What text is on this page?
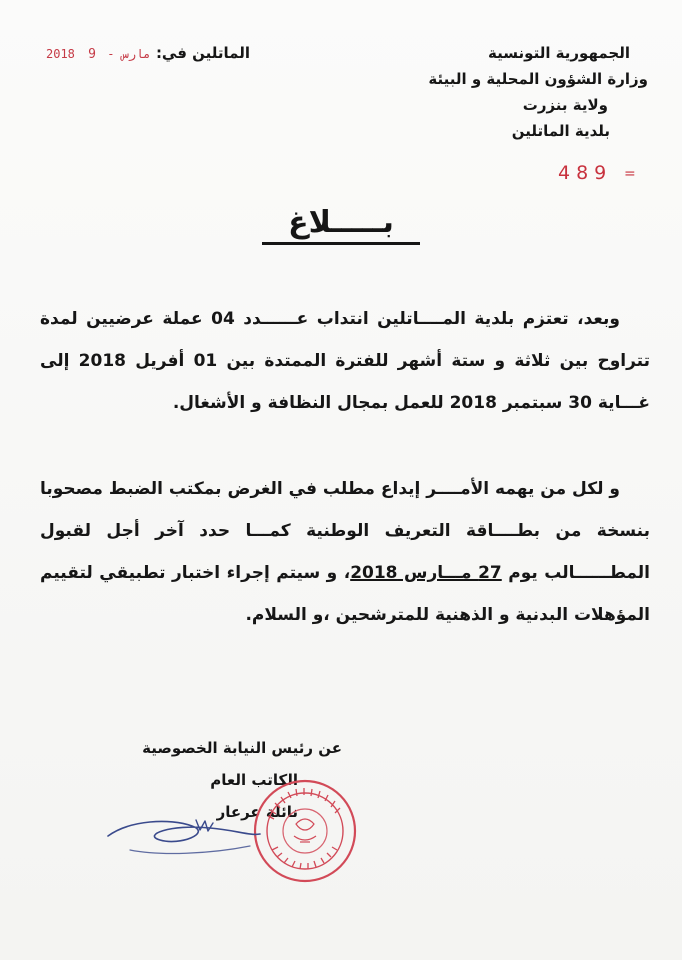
الجمهورية التونسية
وزارة الشؤون المحلية و البيئة
ولاية بنزرت
بلدية الماتلين
489 =
الماتلين في:
2018	مارس - 9
بـــــلاغ
وبعد، تعتزم بلدية المــــاتلين انتداب عــــــدد 04 عملة عرضيين لمدة تتراوح بين ثلاثة و ستة أشهر للفترة الممتدة بين 01 أفريل 2018 إلى غـــاية 30 سبتمبر 2018 للعمل بمجال النظافة و الأشغال.
و لكل من يهمه الأمــــر إيداع مطلب في الغرض بمكتب الضبط مصحوبا بنسخة من بطــــاقة التعريف الوطنية كمـــا حدد آخر أجل لقبول المطــــــالب يوم 27 مـــارس 2018، و سيتم إجراء اختبار تطبيقي لتقييم المؤهلات البدنية و الذهنية للمترشحين ،و السلام.
عن رئيس النيابة الخصوصية
الكاتب العام
نائلة عرعار
